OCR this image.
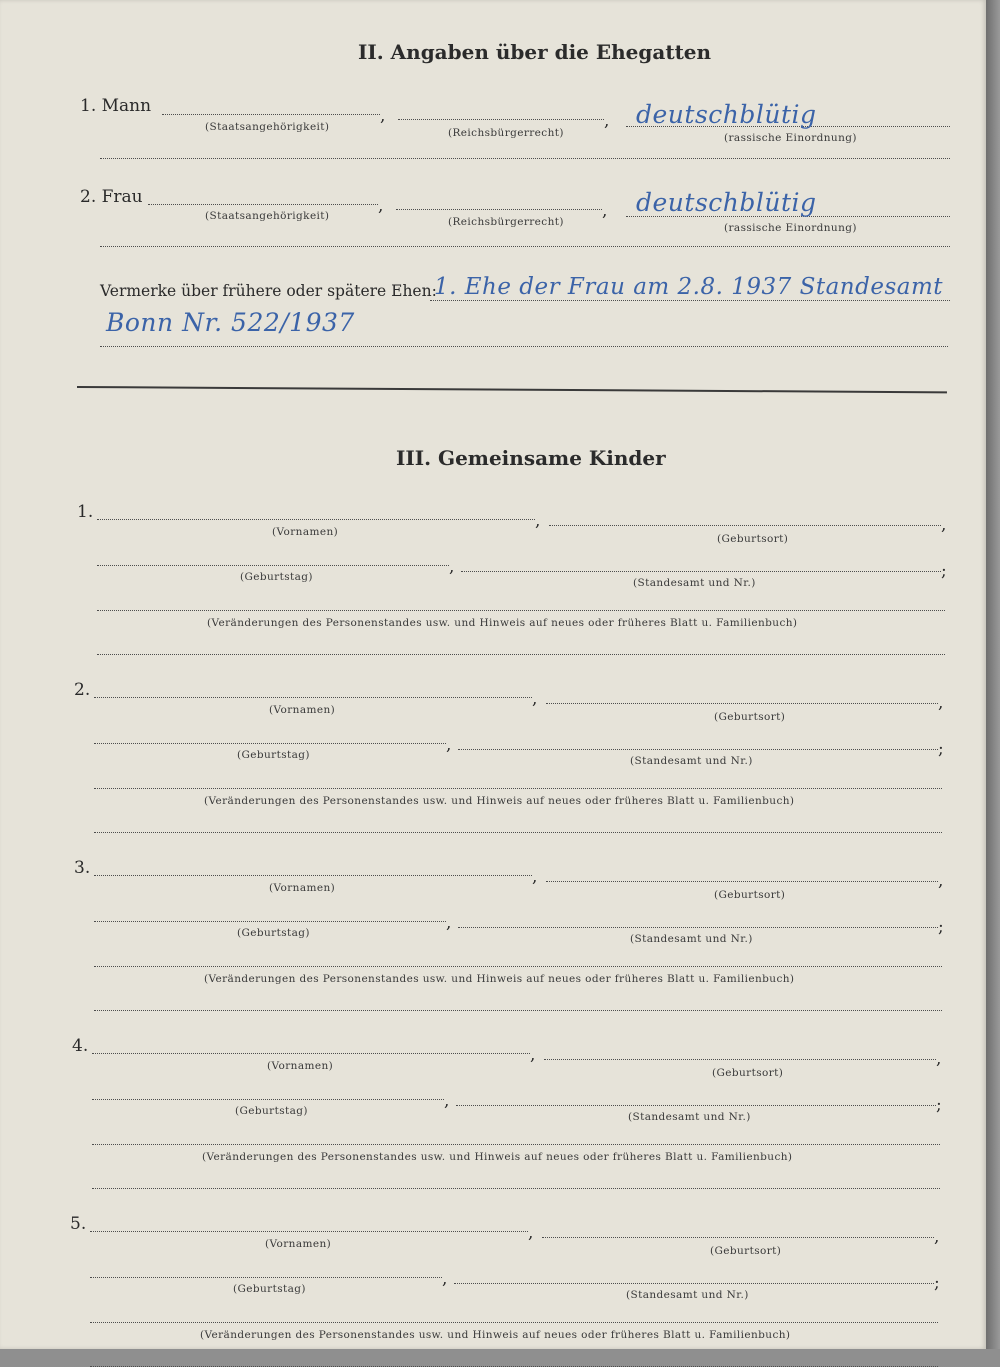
II. Angaben über die Ehegatten
1. Mann	,
(Staatsangehörigkeit)	,
(Reichsbürgerrecht)
deutschblütig
(rassische Einordnung)
2. Frau	,
(Staatsangehörigkeit)	,
(Reichsbürgerrecht)
deutschblütig
(rassische Einordnung)
Vermerke über frühere oder spätere Ehen:
1. Ehe der Frau am 2.8. 1937 Standesamt
Bonn Nr. 522/1937
III. Gemeinsame Kinder
1.	,
(Vornamen)	,
(Geburtsort)
,
(Geburtstag)	;
(Standesamt und Nr.)
(Veränderungen des Personenstandes usw. und Hinweis auf neues oder früheres Blatt u. Familienbuch)
2.	,
(Vornamen)	,
(Geburtsort)
,
(Geburtstag)	;
(Standesamt und Nr.)
(Veränderungen des Personenstandes usw. und Hinweis auf neues oder früheres Blatt u. Familienbuch)
3.	,
(Vornamen)	,
(Geburtsort)
,
(Geburtstag)	;
(Standesamt und Nr.)
(Veränderungen des Personenstandes usw. und Hinweis auf neues oder früheres Blatt u. Familienbuch)
4.	,
(Vornamen)	,
(Geburtsort)
,
(Geburtstag)	;
(Standesamt und Nr.)
(Veränderungen des Personenstandes usw. und Hinweis auf neues oder früheres Blatt u. Familienbuch)
5.	,
(Vornamen)	,
(Geburtsort)
,
(Geburtstag)	;
(Standesamt und Nr.)
(Veränderungen des Personenstandes usw. und Hinweis auf neues oder früheres Blatt u. Familienbuch)
